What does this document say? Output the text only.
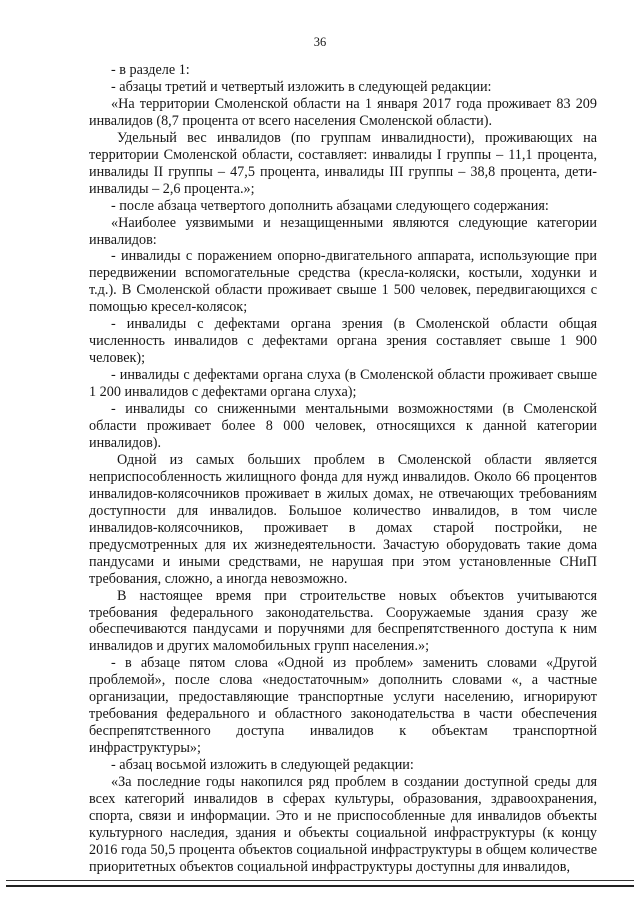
36

- в разделе 1:

- абзацы третий и четвертый изложить в следующей редакции:

«На территории Смоленской области на 1 января 2017 года проживает 83 209 инвалидов (8,7 процента от всего населения Смоленской области).

Удельный вес инвалидов (по группам инвалидности), проживающих на территории Смоленской области, составляет: инвалиды I группы – 11,1 процента, инвалиды II группы – 47,5 процента, инвалиды III группы – 38,8 процента, дети-инвалиды – 2,6 процента.»;

- после абзаца четвертого дополнить абзацами следующего содержания:

«Наиболее уязвимыми и незащищенными являются следующие категории инвалидов:

- инвалиды с поражением опорно-двигательного аппарата, использующие при передвижении вспомогательные средства (кресла-коляски, костыли, ходунки и т.д.). В Смоленской области проживает свыше 1 500 человек, передвигающихся с помощью кресел-колясок;

- инвалиды с дефектами органа зрения (в Смоленской области общая численность инвалидов с дефектами органа зрения составляет свыше 1 900 человек);

- инвалиды с дефектами органа слуха (в Смоленской области проживает свыше 1 200 инвалидов с дефектами органа слуха);

- инвалиды со сниженными ментальными возможностями (в Смоленской области проживает более 8 000 человек, относящихся к данной категории инвалидов).

Одной из самых больших проблем в Смоленской области является неприспособленность жилищного фонда для нужд инвалидов. Около 66 процентов инвалидов-колясочников проживает в жилых домах, не отвечающих требованиям доступности для инвалидов. Большое количество инвалидов, в том числе инвалидов-колясочников, проживает в домах старой постройки, не предусмотренных для их жизнедеятельности. Зачастую оборудовать такие дома пандусами и иными средствами, не нарушая при этом установленные СНиП требования, сложно, а иногда невозможно.

В настоящее время при строительстве новых объектов учитываются требования федерального законодательства. Сооружаемые здания сразу же обеспечиваются пандусами и поручнями для беспрепятственного доступа к ним инвалидов и других маломобильных групп населения.»;

- в абзаце пятом слова «Одной из проблем» заменить словами «Другой проблемой», после слова «недостаточным» дополнить словами «, а частные организации, предоставляющие транспортные услуги населению, игнорируют требования федерального и областного законодательства в части обеспечения беспрепятственного доступа инвалидов к объектам транспортной инфраструктуры»;

- абзац восьмой изложить в следующей редакции:

«За последние годы накопился ряд проблем в создании доступной среды для всех категорий инвалидов в сферах культуры, образования, здравоохранения, спорта, связи и информации. Это и не приспособленные для инвалидов объекты культурного наследия, здания и объекты социальной инфраструктуры (к концу 2016 года 50,5 процента объектов социальной инфраструктуры в общем количестве приоритетных объектов социальной инфраструктуры доступны для инвалидов,
